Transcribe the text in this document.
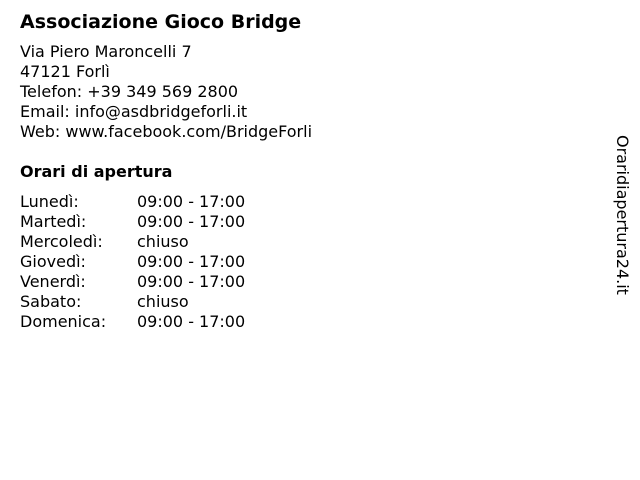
Associazione Gioco Bridge
Via Piero Maroncelli 7
47121 Forlì
Telefon: +39 349 569 2800
Email: info@asdbridgeforli.it
Web: www.facebook.com/BridgeForli
Orari di apertura
Lunedì:	09:00 - 17:00
Martedì:	09:00 - 17:00
Mercoledì:	chiuso
Giovedì:	09:00 - 17:00
Venerdì:	09:00 - 17:00
Sabato:	chiuso
Domenica:	09:00 - 17:00
Oraridiapertura24.it
